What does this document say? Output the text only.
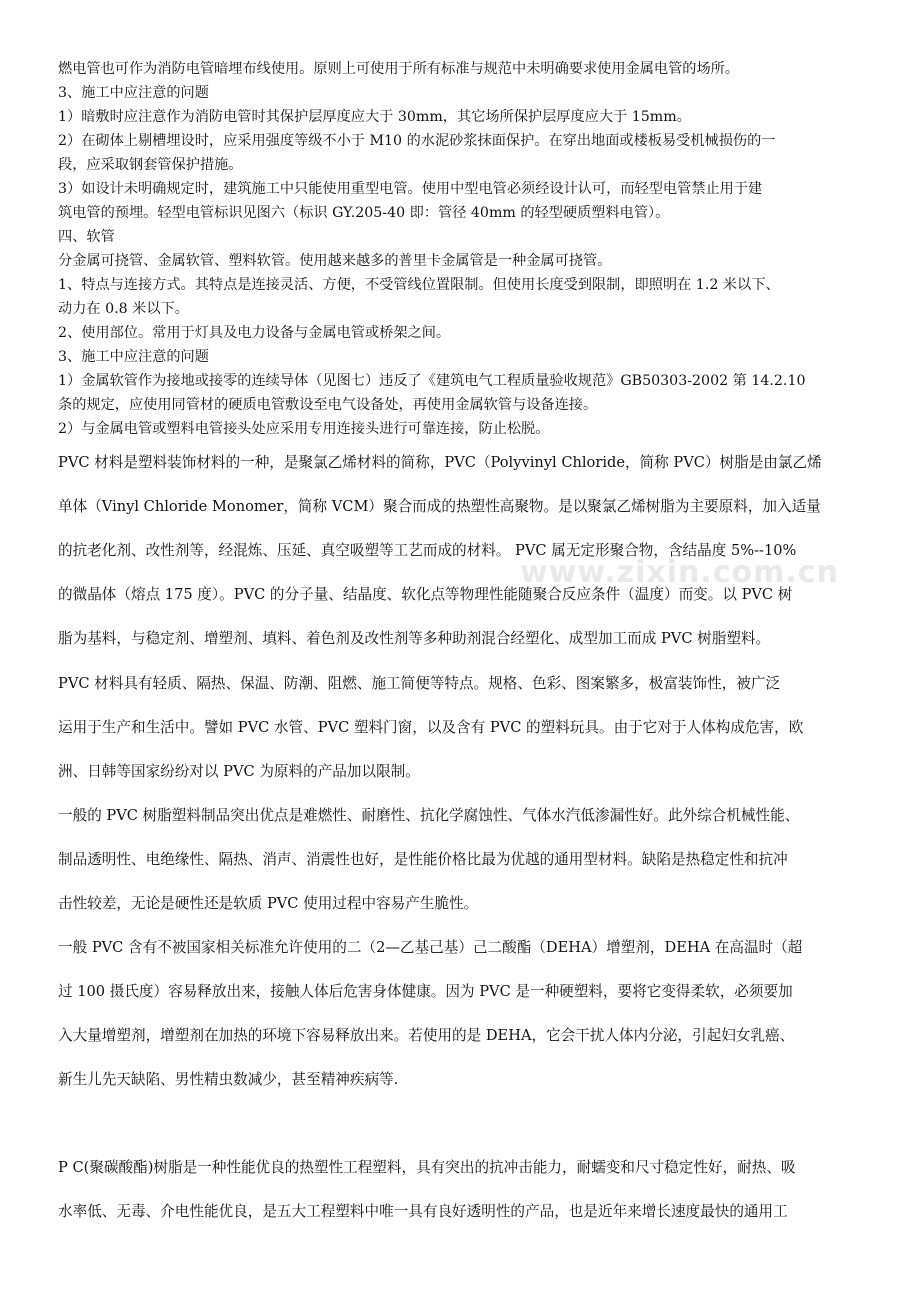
燃电管也可作为消防电管暗埋布线使用。原则上可使用于所有标准与规范中未明确要求使用金属电管的场所。
3、施工中应注意的问题
1）暗敷时应注意作为消防电管时其保护层厚度应大于 30mm，其它场所保护层厚度应大于 15mm。
2）在砌体上剔槽埋设时，应采用强度等级不小于 M10 的水泥砂浆抹面保护。在穿出地面或楼板易受机械损伤的一
段，应采取钢套管保护措施。
3）如设计未明确规定时，建筑施工中只能使用重型电管。使用中型电管必须经设计认可，而轻型电管禁止用于建
筑电管的预埋。轻型电管标识见图六（标识 GY.205-40 即：管径 40mm 的轻型硬质塑料电管）。
四、软管
分金属可挠管、金属软管、塑料软管。使用越来越多的普里卡金属管是一种金属可挠管。
1、特点与连接方式。其特点是连接灵活、方便，不受管线位置限制。但使用长度受到限制，即照明在 1.2 米以下、
动力在 0.8 米以下。
2、使用部位。常用于灯具及电力设备与金属电管或桥架之间。
3、施工中应注意的问题
1）金属软管作为接地或接零的连续导体（见图七）违反了《建筑电气工程质量验收规范》GB50303-2002 第 14.2.10
条的规定，应使用同管材的硬质电管敷设至电气设备处，再使用金属软管与设备连接。
2）与金属电管或塑料电管接头处应采用专用连接头进行可靠连接，防止松脱。
PVC 材料是塑料装饰材料的一种，是聚氯乙烯材料的简称，PVC（Polyvinyl Chloride，简称 PVC）树脂是由氯乙烯
单体（Vinyl Chloride Monomer，简称 VCM）聚合而成的热塑性高聚物。是以聚氯乙烯树脂为主要原料，加入适量
的抗老化剂、改性剂等，经混炼、压延、真空吸塑等工艺而成的材料。 PVC 属无定形聚合物，含结晶度 5%--10%
的微晶体（熔点 175 度）。PVC 的分子量、结晶度、软化点等物理性能随聚合反应条件（温度）而变。以 PVC 树
脂为基料，与稳定剂、增塑剂、填料、着色剂及改性剂等多种助剂混合经塑化、成型加工而成 PVC 树脂塑料。
PVC 材料具有轻质、隔热、保温、防潮、阻燃、施工简便等特点。规格、色彩、图案繁多，极富装饰性，被广泛
运用于生产和生活中。譬如 PVC 水管、PVC 塑料门窗，以及含有 PVC 的塑料玩具。由于它对于人体构成危害，欧
洲、日韩等国家纷纷对以 PVC 为原料的产品加以限制。
一般的 PVC 树脂塑料制品突出优点是难燃性、耐磨性、抗化学腐蚀性、气体水汽低渗漏性好。此外综合机械性能、
制品透明性、电绝缘性、隔热、消声、消震性也好，是性能价格比最为优越的通用型材料。缺陷是热稳定性和抗冲
击性较差，无论是硬性还是软质 PVC 使用过程中容易产生脆性。
一般 PVC 含有不被国家相关标准允许使用的二（2—乙基己基）己二酸酯（DEHA）增塑剂，DEHA 在高温时（超
过 100 摄氏度）容易释放出来，接触人体后危害身体健康。因为 PVC 是一种硬塑料，要将它变得柔软，必须要加
入大量增塑剂，增塑剂在加热的环境下容易释放出来。若使用的是 DEHA，它会干扰人体内分泌，引起妇女乳癌、
新生儿先天缺陷、男性精虫数减少，甚至精神疾病等.
P C(聚碳酸酯)树脂是一种性能优良的热塑性工程塑料，具有突出的抗冲击能力，耐蠕变和尺寸稳定性好，耐热、吸
水率低、无毒、介电性能优良，是五大工程塑料中唯一具有良好透明性的产品，也是近年来增长速度最快的通用工
www.zixin.com.cn
